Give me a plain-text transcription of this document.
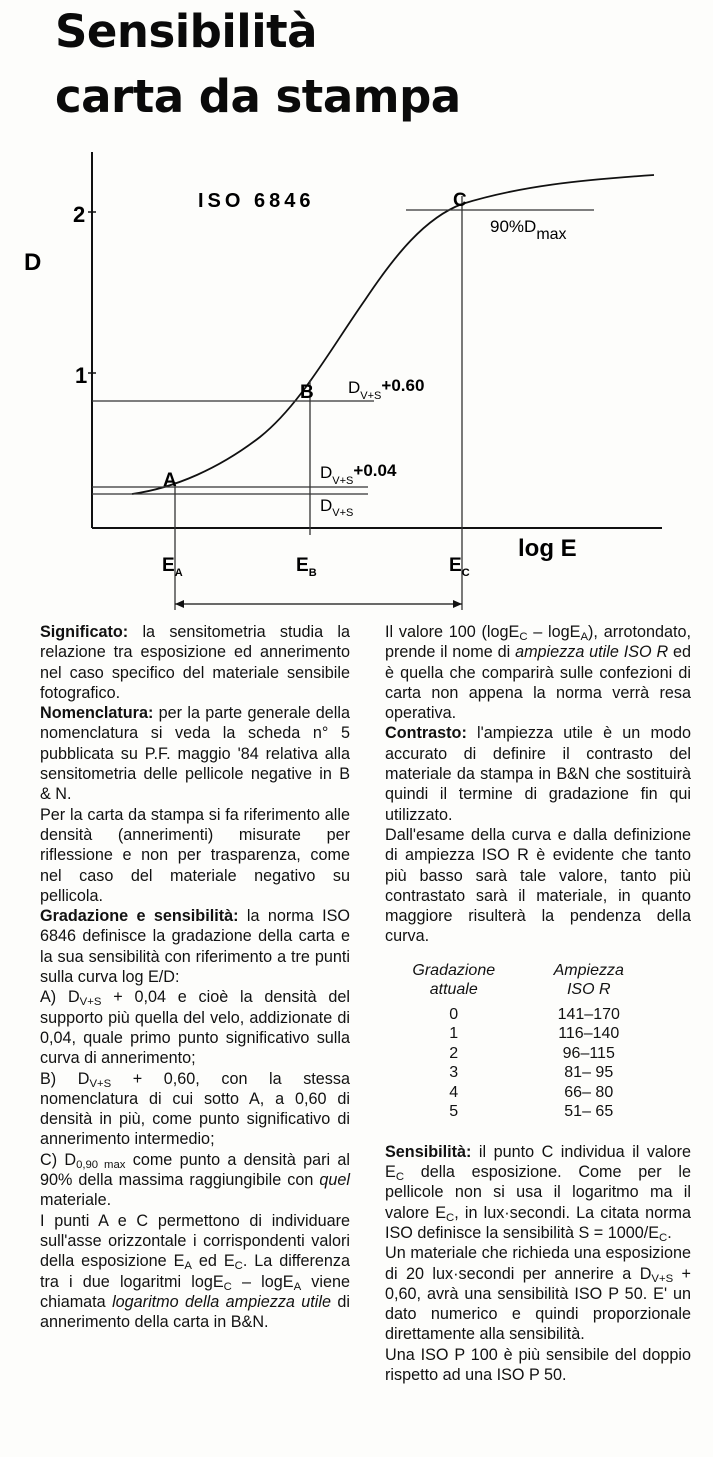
Sensibilità
carta da stampa
2
1
D
log E
ISO 6846
A
B
C
90%Dmax
$D_{V+S}+0.60$
$D_{V+S}+0.04$
$D_{V+S}$
$E_A$	$E_B$	$E_C$

Significato: la sensitometria studia la relazione tra esposizione ed annerimento nel caso specifico del materiale sensibile fotografico.

Nomenclatura: per la parte generale della nomenclatura si veda la scheda n° 5 pubblicata su P.F. maggio '84 relativa alla sensitometria delle pellicole negative in B & N.

Per la carta da stampa si fa riferimento alle densità (annerimenti) misurate per riflessione e non per trasparenza, come nel caso del materiale negativo su pellicola.

Gradazione e sensibilità: la norma ISO 6846 definisce la gradazione della carta e la sua sensibilità con riferimento a tre punti sulla curva log E/D:

A) $D_{V+S} + 0,04$ e cioè la densità del supporto più quella del velo, addizionate di 0,04, quale primo punto significativo sulla curva di annerimento;

B) $D_{V+S} + 0,60$, con la stessa nomenclatura di cui sotto A, a 0,60 di densità in più, come punto significativo di annerimento intermedio;

C) $D_{0,90 max}$ come punto a densità pari al 90% della massima raggiungibile con quel materiale.

I punti A e C permettono di individuare sull'asse orizzontale i corrispondenti valori della esposizione $E_A$ ed $E_C$. La differenza tra i due logaritmi logE$_C$ – logE$_A$ viene chiamata logaritmo della ampiezza utile di annerimento della carta in B&N.

Il valore 100 (logE$_C$ – logE$_A$), arrotondato, prende il nome di ampiezza utile ISO R ed è quella che comparirà sulle confezioni di carta non appena la norma verrà resa operativa.

Contrasto: l'ampiezza utile è un modo accurato di definire il contrasto del materiale da stampa in B&N che sostituirà quindi il termine di gradazione fin qui utilizzato.

Dall'esame della curva e dalla definizione di ampiezza ISO R è evidente che tanto più basso sarà tale valore, tanto più contrastato sarà il materiale, in quanto maggiore risulterà la pendenza della curva.

Gradazione
attuale	Ampiezza
ISO R
0	141–170
1	116–140
2	96–115
3	81– 95
4	66– 80
5	51– 65

Sensibilità: il punto C individua il valore $E_C$ della esposizione. Come per le pellicole non si usa il logaritmo ma il valore $E_C$, in lux·secondi. La citata norma ISO definisce la sensibilità $S = 1000/E_C$.

Un materiale che richieda una esposizione di 20 lux·secondi per annerire a $D_{V+S} + 0,60$, avrà una sensibilità ISO P 50. E' un dato numerico e quindi proporzionale direttamente alla sensibilità.

Una ISO P 100 è più sensibile del doppio rispetto ad una ISO P 50.
